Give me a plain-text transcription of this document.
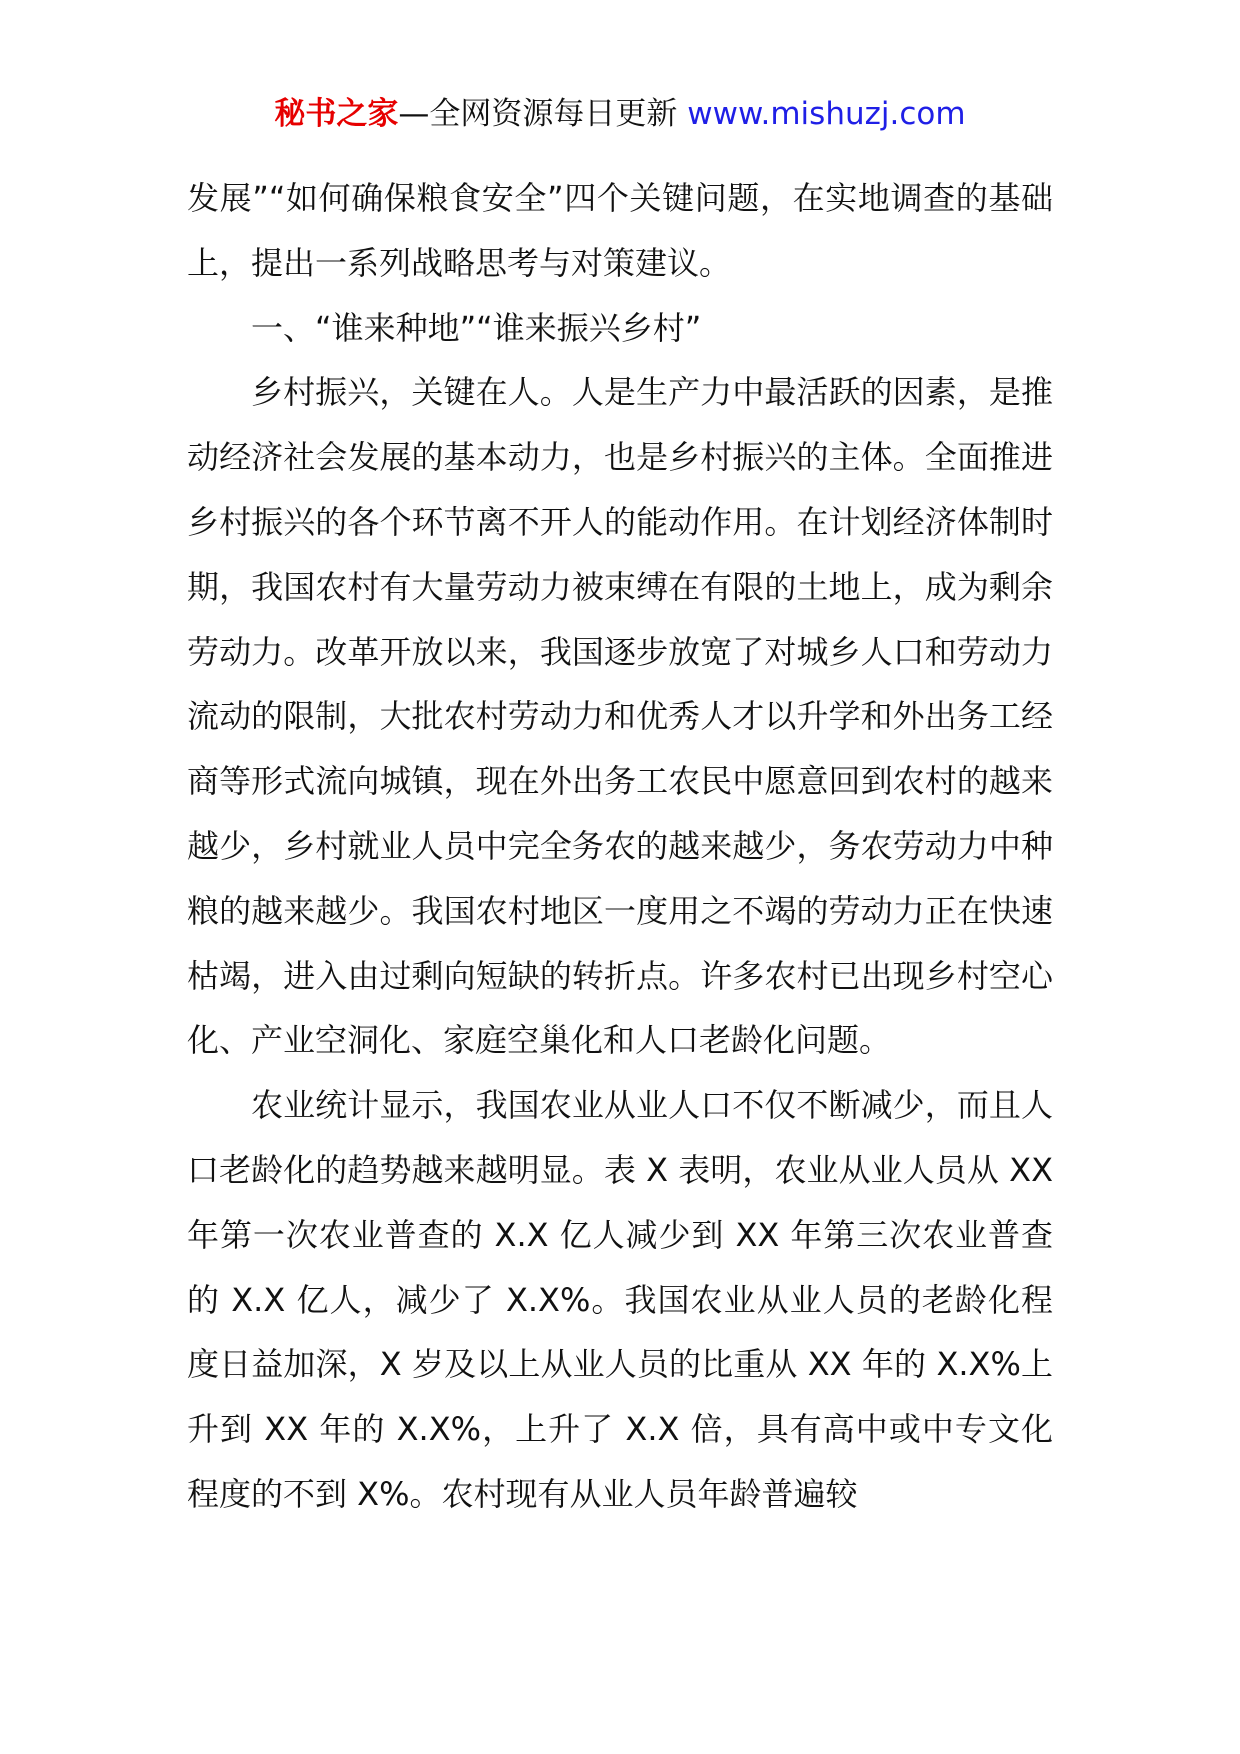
秘书之家—全网资源每日更新 www.mishuzj.com

发展”“如何确保粮食安全”四个关键问题，在实地调查的基础上，提出一系列战略思考与对策建议。

一、“谁来种地”“谁来振兴乡村”

乡村振兴，关键在人。人是生产力中最活跃的因素，是推动经济社会发展的基本动力，也是乡村振兴的主体。全面推进乡村振兴的各个环节离不开人的能动作用。在计划经济体制时期，我国农村有大量劳动力被束缚在有限的土地上，成为剩余劳动力。改革开放以来，我国逐步放宽了对城乡人口和劳动力流动的限制，大批农村劳动力和优秀人才以升学和外出务工经商等形式流向城镇，现在外出务工农民中愿意回到农村的越来越少，乡村就业人员中完全务农的越来越少，务农劳动力中种粮的越来越少。我国农村地区一度用之不竭的劳动力正在快速枯竭，进入由过剩向短缺的转折点。许多农村已出现乡村空心化、产业空洞化、家庭空巢化和人口老龄化问题。

农业统计显示，我国农业从业人口不仅不断减少，而且人口老龄化的趋势越来越明显。表 X 表明，农业从业人员从 XX 年第一次农业普查的 X.X 亿人减少到 XX 年第三次农业普查的 X.X 亿人，减少了 X.X%。我国农业从业人员的老龄化程度日益加深，X 岁及以上从业人员的比重从 XX 年的 X.X%上升到 XX 年的 X.X%，上升了 X.X 倍，具有高中或中专文化程度的不到 X%。农村现有从业人员年龄普遍较
